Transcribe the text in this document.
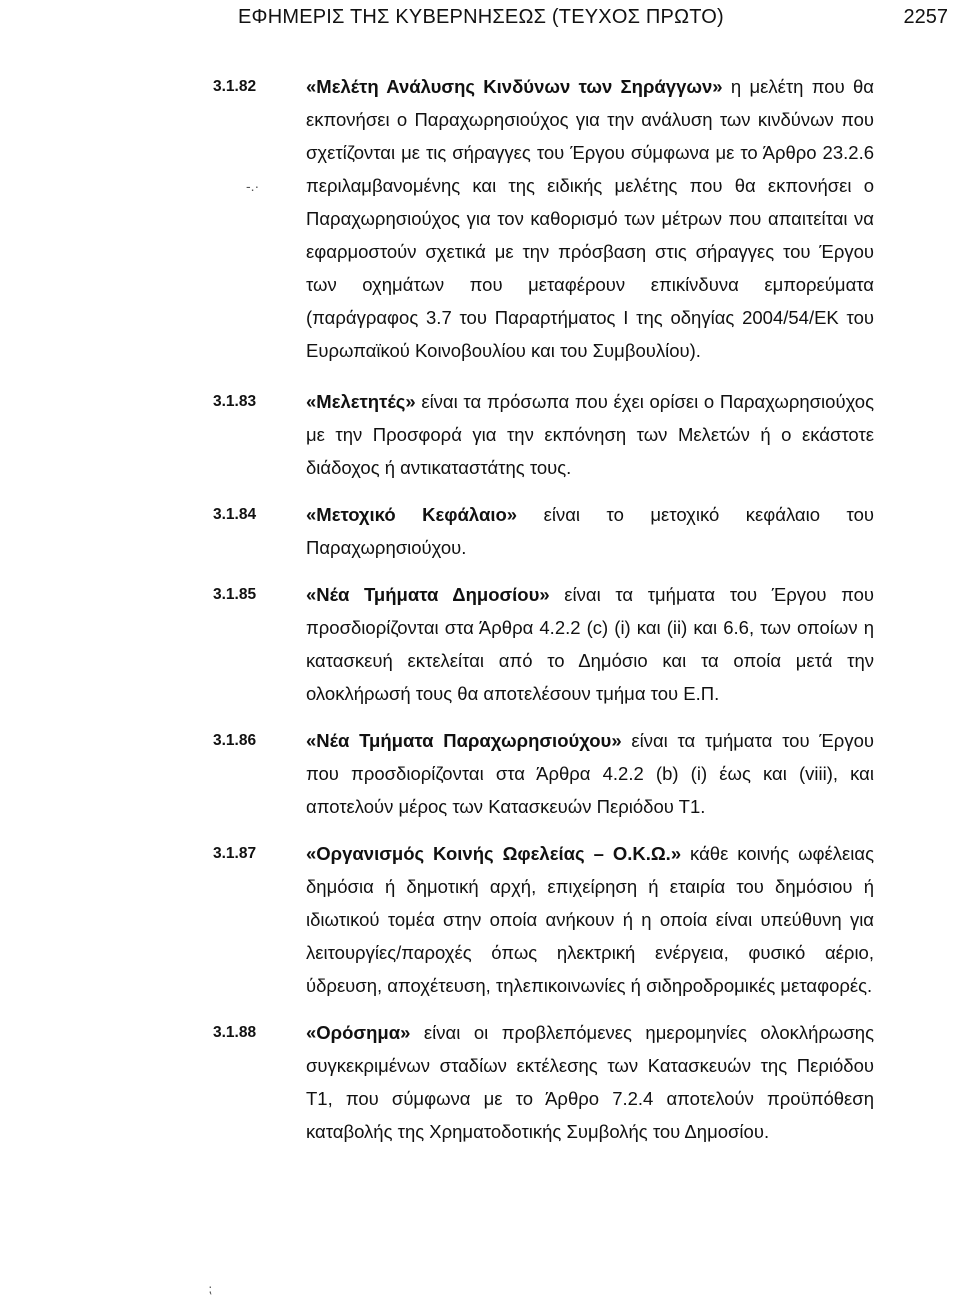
ΕΦΗΜΕΡΙΣ ΤΗΣ ΚΥΒΕΡΝΗΣΕΩΣ (ΤΕΥΧΟΣ ΠΡΩΤΟ)	2257
-.·
⁏
3.1.82	«Μελέτη Ανάλυσης Κινδύνων των Σηράγγων» η μελέτη που θα εκπονήσει ο Παραχωρησιούχος για την ανάλυση των κινδύνων που σχετίζονται με τις σήραγγες του Έργου σύμφωνα με το Άρθρο 23.2.6 περιλαμβανομένης και της ειδικής μελέτης που θα εκπονήσει ο Παραχωρησιούχος για τον καθορισμό των μέτρων που απαιτείται να εφαρμοστούν σχετικά με την πρόσβαση στις σήραγγες του Έργου των οχημάτων που μεταφέρουν επικίνδυνα εμπορεύματα (παράγραφος 3.7 του Παραρτήματος I της οδηγίας 2004/54/ΕΚ του Ευρωπαϊκού Κοινοβουλίου και του Συμβουλίου).
3.1.83	«Μελετητές» είναι τα πρόσωπα που έχει ορίσει ο Παραχωρησιούχος με την Προσφορά για την εκπόνηση των Μελετών ή ο εκάστοτε διάδοχος ή αντικαταστάτης τους.
3.1.84	«Μετοχικό Κεφάλαιο» είναι το μετοχικό κεφάλαιο του Παραχωρησιούχου.
3.1.85	«Νέα Τμήματα Δημοσίου» είναι τα τμήματα του Έργου που προσδιορίζονται στα Άρθρα 4.2.2 (c) (i) και (ii) και 6.6, των οποίων η κατασκευή εκτελείται από το Δημόσιο και τα οποία μετά την ολοκλήρωσή τους θα αποτελέσουν τμήμα του Ε.Π.
3.1.86	«Νέα Τμήματα Παραχωρησιούχου» είναι τα τμήματα του Έργου που προσδιορίζονται στα Άρθρα 4.2.2 (b) (i) έως και (viii), και αποτελούν μέρος των Κατασκευών Περιόδου Τ1.
3.1.87	«Οργανισμός Κοινής Ωφελείας – Ο.Κ.Ω.» κάθε κοινής ωφέλειας δημόσια ή δημοτική αρχή, επιχείρηση ή εταιρία του δημόσιου ή ιδιωτικού τομέα στην οποία ανήκουν ή η οποία είναι υπεύθυνη για λειτουργίες/παροχές όπως ηλεκτρική ενέργεια, φυσικό αέριο, ύδρευση, αποχέτευση, τηλεπικοινωνίες ή σιδηροδρομικές μεταφορές.
3.1.88	«Ορόσημα» είναι οι προβλεπόμενες ημερομηνίες ολοκλήρωσης συγκεκριμένων σταδίων εκτέλεσης των Κατασκευών της Περιόδου Τ1, που σύμφωνα με το Άρθρο 7.2.4 αποτελούν προϋπόθεση καταβολής της Χρηματοδοτικής Συμβολής του Δημοσίου.
